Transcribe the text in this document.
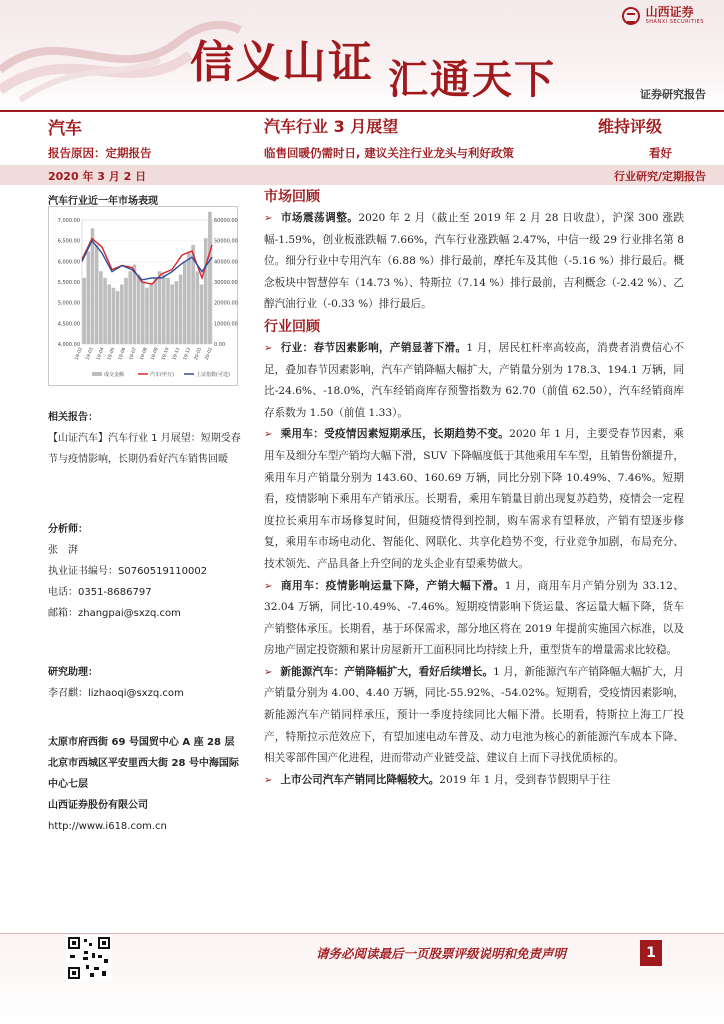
信义山证 汇通天下
山西证券
SHANXI SECURITIES
证券研究报告
汽车	汽车行业 3 月展望	维持评级
报告原因：定期报告	临售回暖仍需时日, 建议关注行业龙头与利好政策	看好
2020 年 3 月 2 日	行业研究/定期报告
汽车行业近一年市场表现
7,000.00
6,500.00
6,000.00
5,500.00
5,000.00
4,500.00
4,000.00
60000.00
50000.00
40000.00
30000.00
20000.00
10000.00
0.00
19-02 19-03 19-04 19-05 19-06 19-07 19-08 19-09 19-10 19-11 19-12 20-01 20-02
成交金额	汽车(申万)	上证指数(可选)
相关报告：
【山证汽车】汽车行业 1 月展望：短期受春节与疫情影响，长期仍看好汽车销售回暖
分析师：
张　湃
执业证书编号：S0760519110002
电话：0351-8686797
邮箱：zhangpai@sxzq.com
研究助理：
李召麒：lizhaoqi@sxzq.com
太原市府西街 69 号国贸中心 A 座 28 层
北京市西城区平安里西大街 28 号中海国际中心七层
山西证券股份有限公司
http://www.i618.com.cn
市场回顾
➢ 市场震荡调整。2020 年 2 月（截止至 2019 年 2 月 28 日收盘），沪深 300 涨跌幅-1.59%，创业板涨跌幅 7.66%，汽车行业涨跌幅 2.47%，中信一级 29 行业排名第 8 位。细分行业中专用汽车（6.88 %）排行最前，摩托车及其他（-5.16 %）排行最后。概念板块中智慧停车（14.73 %）、特斯拉（7.14 %）排行最前，吉利概念（-2.42 %）、乙醇汽油行业（-0.33 %）排行最后。
行业回顾
➢ 行业：春节因素影响，产销显著下滑。1 月，居民杠杆率高较高，消费者消费信心不足，叠加春节因素影响，汽车产销降幅大幅扩大，产销量分别为 178.3、194.1 万辆，同比-24.6%、-18.0%，汽车经销商库存预警指数为 62.70（前值 62.50），汽车经销商库存系数为 1.50（前值 1.33）。
➢ 乘用车：受疫情因素短期承压，长期趋势不变。2020 年 1 月，主要受春节因素，乘用车及细分车型产销均大幅下滑，SUV 下降幅度低于其他乘用车车型，且销售份额提升，乘用车月产销量分别为 143.60、160.69 万辆，同比分别下降 10.49%、7.46%。短期看，疫情影响下乘用车产销承压。长期看，乘用车销量目前出现复苏趋势，疫情会一定程度拉长乘用车市场修复时间，但随疫情得到控制，购车需求有望释放，产销有望逐步修复，乘用车市场电动化、智能化、网联化、共享化趋势不变，行业竞争加剧，布局充分、技术领先、产品具备上升空间的龙头企业有望乘势做大。
➢ 商用车：疫情影响运量下降，产销大幅下滑。1 月，商用车月产销分别为 33.12、32.04 万辆，同比-10.49%、-7.46%。短期疫情影响下货运量、客运量大幅下降，货车产销整体承压。长期看，基于环保需求，部分地区将在 2019 年提前实施国六标准，以及房地产固定投资额和累计房屋新开工面积同比均持续上升，重型货车的增量需求比较稳。
➢ 新能源汽车：产销降幅扩大，看好后续增长。1 月，新能源汽车产销降幅大幅扩大，月产销量分别为 4.00、4.40 万辆，同比-55.92%、-54.02%。短期看，受疫情因素影响，新能源汽车产销同样承压，预计一季度持续同比大幅下滑。长期看，特斯拉上海工厂投产，特斯拉示范效应下，有望加速电动车普及、动力电池为核心的新能源汽车成本下降、相关零部件国产化进程，进而带动产业链受益、建议自上而下寻找优质标的。
➢ 上市公司汽车产销同比降幅较大。2019 年 1 月，受到春节假期早于往
请务必阅读最后一页股票评级说明和免责声明	1
